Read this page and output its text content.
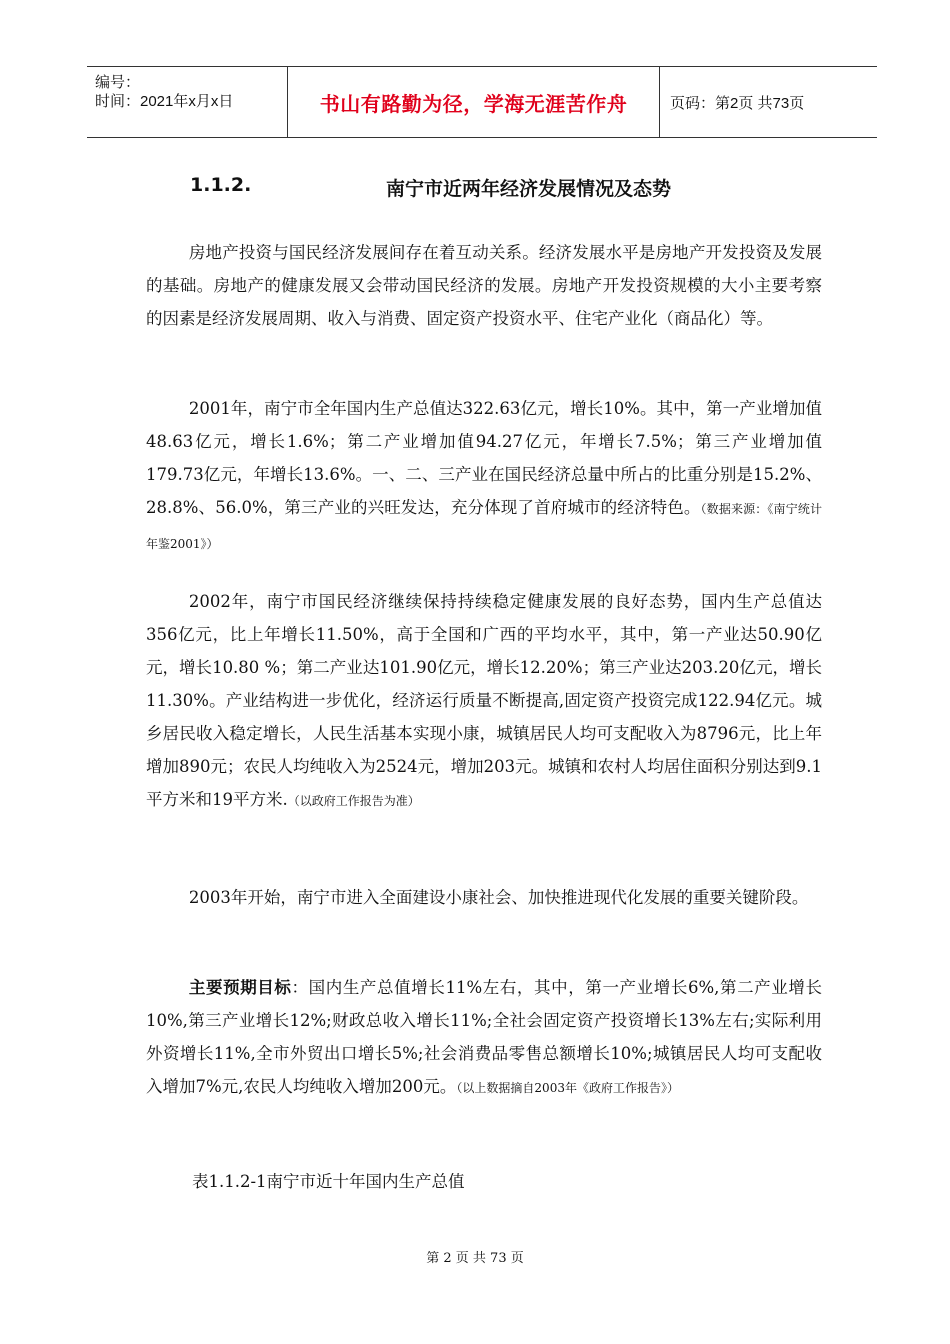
编号：
时间：2021年x月x日	书山有路勤为径，学海无涯苦作舟	页码：第2页 共73页
1.1.2.	南宁市近两年经济发展情况及态势

房地产投资与国民经济发展间存在着互动关系。经济发展水平是房地产开发投资及发展的基础。房地产的健康发展又会带动国民经济的发展。房地产开发投资规模的大小主要考察的因素是经济发展周期、收入与消费、固定资产投资水平、住宅产业化（商品化）等。

2001年，南宁市全年国内生产总值达322.63亿元，增长10%。其中，第一产业增加值48.63亿元，增长1.6%；第二产业增加值94.27亿元，年增长7.5%；第三产业增加值179.73亿元，年增长13.6%。一、二、三产业在国民经济总量中所占的比重分别是15.2%、28.8%、56.0%，第三产业的兴旺发达，充分体现了首府城市的经济特色。（数据来源：《南宁统计年鉴2001》）

2002年，南宁市国民经济继续保持持续稳定健康发展的良好态势，国内生产总值达356亿元，比上年增长11.50%，高于全国和广西的平均水平，其中，第一产业达50.90亿元，增长10.80 %；第二产业达101.90亿元，增长12.20%；第三产业达203.20亿元，增长11.30%。产业结构进一步优化，经济运行质量不断提高,固定资产投资完成122.94亿元。城乡居民收入稳定增长，人民生活基本实现小康，城镇居民人均可支配收入为8796元，比上年增加890元；农民人均纯收入为2524元，增加203元。城镇和农村人均居住面积分别达到9.1平方米和19平方米.（以政府工作报告为准）

2003年开始，南宁市进入全面建设小康社会、加快推进现代化发展的重要关键阶段。

主要预期目标：国内生产总值增长11%左右，其中，第一产业增长6%,第二产业增长10%,第三产业增长12%;财政总收入增长11%;全社会固定资产投资增长13%左右;实际利用外资增长11%,全市外贸出口增长5%;社会消费品零售总额增长10%;城镇居民人均可支配收入增加7%元,农民人均纯收入增加200元。（以上数据摘自2003年《政府工作报告》）

表1.1.2-1南宁市近十年国内生产总值
第 2 页 共 73 页
